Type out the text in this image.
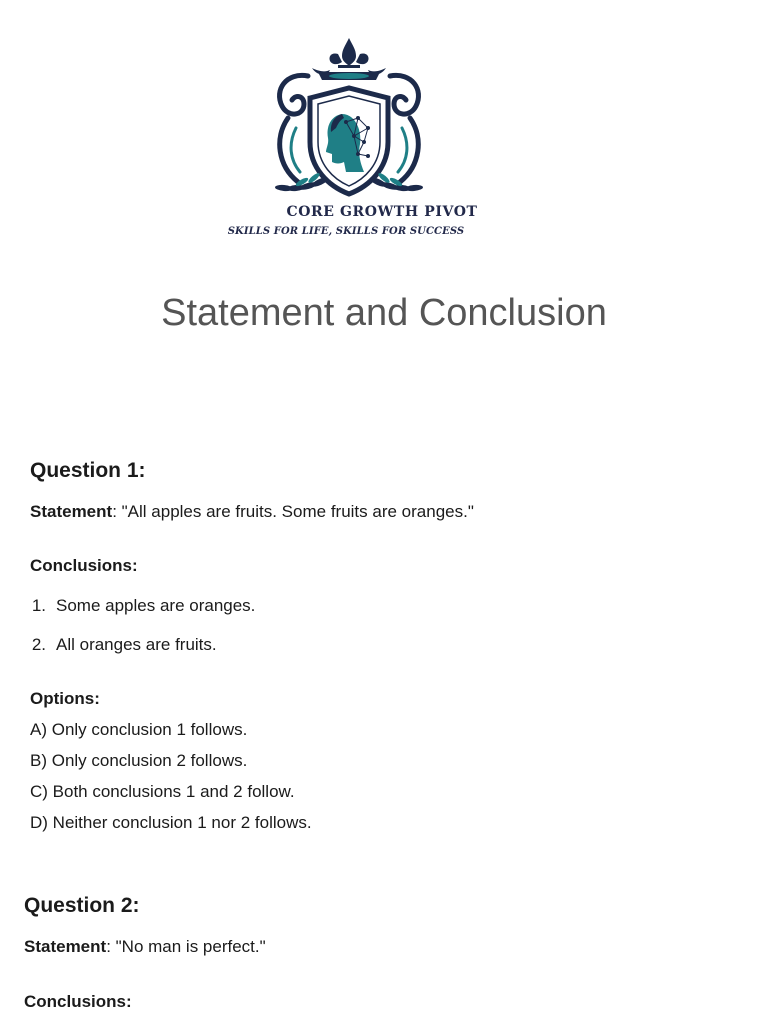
CORE GROWTH PIVOT
SKILLS FOR LIFE, SKILLS FOR SUCCESS
Statement and Conclusion
Question 1:
Statement: "All apples are fruits. Some fruits are oranges."
Conclusions:
1. Some apples are oranges.
2. All oranges are fruits.
Options:
A) Only conclusion 1 follows.
B) Only conclusion 2 follows.
C) Both conclusions 1 and 2 follow.
D) Neither conclusion 1 nor 2 follows.
Question 2:
Statement: "No man is perfect."
Conclusions:
